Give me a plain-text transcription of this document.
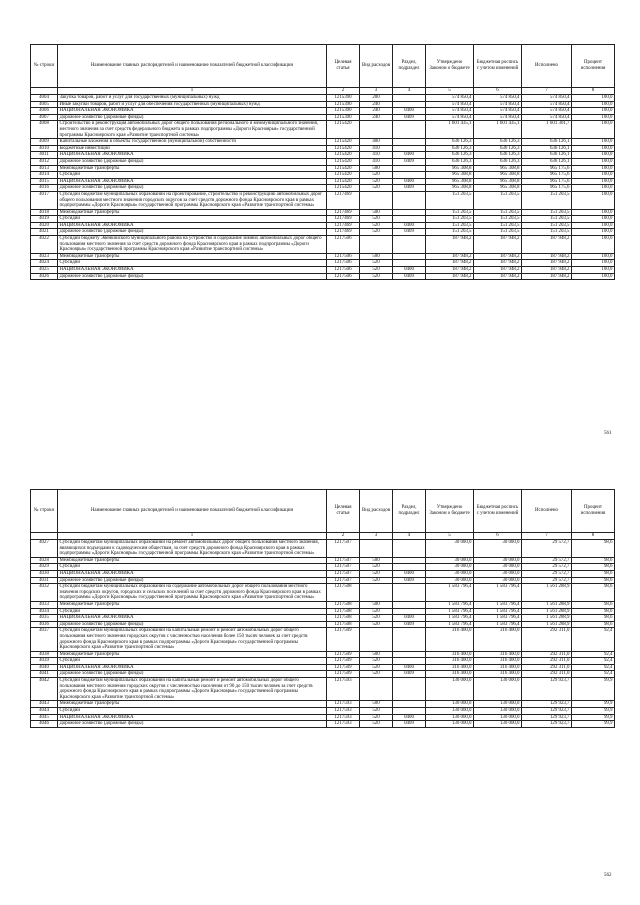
№ строки	Наименование главных распорядителей и наименование показателей бюджетной классификации	Целевая статья	Вид расходов	Раздел, подраздел	Утверждено Законом о бюджете	Бюджетная роспись с учетом изменений	Исполнено	Процент исполнения
	1	2	3	4	5	6	7	8
4004	Закупка товаров, работ и услуг для государственных (муниципальных) нужд	1215390	200		574 850,4	574 850,4	574 850,4	100,0
4005	Иные закупки товаров, работ и услуг для обеспечения государственных (муниципальных) нужд	1215390	240		574 850,4	574 850,4	574 850,4	100,0
4006	НАЦИОНАЛЬНАЯ ЭКОНОМИКА	1215390	240	0400	574 850,4	574 850,4	574 850,4	100,0
4007	Дорожное хозяйство (дорожные фонды)	1215390	240	0409	574 850,4	574 850,4	574 850,4	100,0
4008	Строительство и реконструкция автомобильных дорог общего пользования регионального и межмуниципального значения, местного значения за счет средств федерального бюджета в рамках подпрограммы «Дороги Красноярья» государственной программы Красноярского края «Развитие транспортной системы»	1215420			1 601 435,1	1 601 435,1	1 601 301,7	100,0
4009	Капитальные вложения в объекты государственной (муниципальной) собственности	1215420	400		636 126,3	636 126,3	636 126,1	100,0
4010	Бюджетные инвестиции	1215420	410		636 126,3	636 126,3	636 126,1	100,0
4011	НАЦИОНАЛЬНАЯ ЭКОНОМИКА	1215420	410	0400	636 126,3	636 126,3	636 126,1	100,0
4012	Дорожное хозяйство (дорожные фонды)	1215420	410	0409	636 126,3	636 126,3	636 126,1	100,0
4013	Межбюджетные трансферты	1215420	500		965 308,8	965 308,8	965 175,6	100,0
4014	Субсидии	1215420	520		965 308,8	965 308,8	965 175,6	100,0
4015	НАЦИОНАЛЬНАЯ ЭКОНОМИКА	1215420	520	0400	965 308,8	965 308,8	965 175,6	100,0
4016	Дорожное хозяйство (дорожные фонды)	1215420	520	0409	965 308,8	965 308,8	965 175,6	100,0
4017	Субсидии бюджетам муниципальных образований на проектирование, строительство и реконструкцию автомобильных дорог общего пользования местного значения городских округов за счет средств дорожного фонда Красноярского края в рамках подпрограммы «Дороги Красноярья» государственной программы Красноярского края «Развитие транспортной системы»	1217469			151 203,5	151 203,5	151 203,5	100,0
4018	Межбюджетные трансферты	1217469	500		151 203,5	151 203,5	151 203,5	100,0
4019	Субсидии	1217469	520		151 203,5	151 203,5	151 203,5	100,0
4020	НАЦИОНАЛЬНАЯ ЭКОНОМИКА	1217469	520	0400	151 203,5	151 203,5	151 203,5	100,0
4021	Дорожное хозяйство (дорожные фонды)	1217469	520	0409	151 203,5	151 203,5	151 203,5	100,0
4022	Субсидии бюджету Эвенкийского муниципального района на устройство и содержание зимних автомобильных дорог общего пользования местного значения за счет средств дорожного фонда Красноярского края в рамках подпрограммы «Дороги Красноярья» государственной программы Красноярского края «Развитие транспортной системы»	1217506			187 948,2	187 948,2	187 948,2	100,0
4023	Межбюджетные трансферты	1217506	500		187 948,2	187 948,2	187 948,2	100,0
4024	Субсидии	1217506	520		187 948,2	187 948,2	187 948,2	100,0
4025	НАЦИОНАЛЬНАЯ ЭКОНОМИКА	1217506	520	0400	187 948,2	187 948,2	187 948,2	100,0
4026	Дорожное хозяйство (дорожные фонды)	1217506	520	0409	187 948,2	187 948,2	187 948,2	100,0
561
№ строки	Наименование главных распорядителей и наименование показателей бюджетной классификации	Целевая статья	Вид расходов	Раздел, подраздел	Утверждено Законом о бюджете	Бюджетная роспись с учетом изменений	Исполнено	Процент исполнения
	1	2	3	4	5	6	7	8
4027	Субсидии бюджетам муниципальных образований на ремонт автомобильных дорог общего пользования местного значения, являющихся подъездами к садоводческим обществам, за счет средств дорожного фонда Красноярского края в рамках подпрограммы «Дороги Красноярья» государственной программы Красноярского края «Развитие транспортной системы»	1217507			30 000,0	30 000,0	29 572,7	98,6
4028	Межбюджетные трансферты	1217507	500		30 000,0	30 000,0	29 572,7	98,6
4029	Субсидии	1217507	520		30 000,0	30 000,0	29 572,7	98,6
4030	НАЦИОНАЛЬНАЯ ЭКОНОМИКА	1217507	520	0400	30 000,0	30 000,0	29 572,7	98,6
4031	Дорожное хозяйство (дорожные фонды)	1217507	520	0409	30 000,0	30 000,0	29 572,7	98,6
4032	Субсидии бюджетам муниципальных образований на содержание автомобильных дорог общего пользования местного значения городских округов, городских и сельских поселений за счет средств дорожного фонда Красноярского края в рамках подпрограммы «Дороги Красноярья» государственной программы Красноярского края «Развитие транспортной системы»	1217508			1 583 796,4	1 583 796,4	1 561 288,9	98,6
4033	Межбюджетные трансферты	1217508	500		1 583 796,4	1 583 796,4	1 561 288,9	98,6
4034	Субсидии	1217508	520		1 583 796,4	1 583 796,4	1 561 288,9	98,6
4035	НАЦИОНАЛЬНАЯ ЭКОНОМИКА	1217508	520	0400	1 583 796,4	1 583 796,4	1 561 288,9	98,6
4036	Дорожное хозяйство (дорожные фонды)	1217508	520	0409	1 583 796,4	1 583 796,4	1 561 288,9	98,6
4037	Субсидии бюджетам муниципальных образований на капитальный ремонт и ремонт автомобильных дорог общего пользования местного значения городских округов с численностью населения более 150 тысяч человек за счет средств дорожного фонда Красноярского края в рамках подпрограммы «Дороги Красноярья» государственной программы Красноярского края «Развитие транспортной системы»	1217509			316 400,0	316 400,0	292 311,0	92,4
4038	Межбюджетные трансферты	1217509	500		316 400,0	316 400,0	292 311,0	92,4
4039	Субсидии	1217509	520		316 400,0	316 400,0	292 311,0	92,4
4040	НАЦИОНАЛЬНАЯ ЭКОНОМИКА	1217509	520	0400	316 400,0	316 400,0	292 311,0	92,4
4041	Дорожное хозяйство (дорожные фонды)	1217509	520	0409	316 400,0	316 400,0	292 311,0	92,4
4042	Субсидии бюджетам муниципальных образований на капитальный ремонт и ремонт автомобильных дорог общего пользования местного значения городских округов с численностью населения от 90 до 150 тысяч человек за счет средств дорожного фонда Красноярского края в рамках подпрограммы «Дороги Красноярья» государственной программы Красноярского края «Развитие транспортной системы»	1217593			130 000,0	130 000,0	129 923,7	99,9
4043	Межбюджетные трансферты	1217593	500		130 000,0	130 000,0	129 923,7	99,9
4044	Субсидии	1217593	520		130 000,0	130 000,0	129 923,7	99,9
4045	НАЦИОНАЛЬНАЯ ЭКОНОМИКА	1217593	520	0400	130 000,0	130 000,0	129 923,7	99,9
4046	Дорожное хозяйство (дорожные фонды)	1217593	520	0409	130 000,0	130 000,0	129 923,7	99,9
562
